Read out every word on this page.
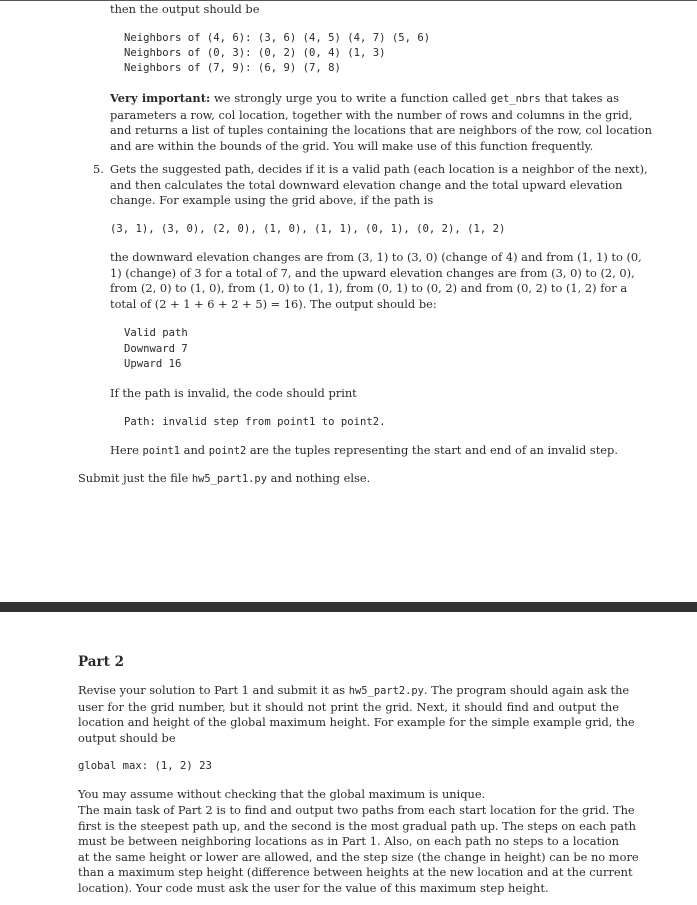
then the output should be
Neighbors of (4, 6): (3, 6) (4, 5) (4, 7) (5, 6)
Neighbors of (0, 3): (0, 2) (0, 4) (1, 3)
Neighbors of (7, 9): (6, 9) (7, 8)
Very important: we strongly urge you to write a function called get_nbrs that takes as
parameters a row, col location, together with the number of rows and columns in the grid,
and returns a list of tuples containing the locations that are neighbors of the row, col location
and are within the bounds of the grid. You will make use of this function frequently.
5. Gets the suggested path, decides if it is a valid path (each location is a neighbor of the next),
and then calculates the total downward elevation change and the total upward elevation
change. For example using the grid above, if the path is
(3, 1), (3, 0), (2, 0), (1, 0), (1, 1), (0, 1), (0, 2), (1, 2)
the downward elevation changes are from (3, 1) to (3, 0) (change of 4) and from (1, 1) to (0,
1) (change) of 3 for a total of 7, and the upward elevation changes are from (3, 0) to (2, 0),
from (2, 0) to (1, 0), from (1, 0) to (1, 1), from (0, 1) to (0, 2) and from (0, 2) to (1, 2) for a
total of (2 + 1 + 6 + 2 + 5) = 16). The output should be:
Valid path
Downward 7
Upward 16
If the path is invalid, the code should print
Path: invalid step from point1 to point2.
Here point1 and point2 are the tuples representing the start and end of an invalid step.
Submit just the file hw5_part1.py and nothing else.
Part 2
Revise your solution to Part 1 and submit it as hw5_part2.py. The program should again ask the
user for the grid number, but it should not print the grid. Next, it should find and output the
location and height of the global maximum height. For example for the simple example grid, the
output should be
global max: (1, 2) 23
You may assume without checking that the global maximum is unique.
The main task of Part 2 is to find and output two paths from each start location for the grid. The
first is the steepest path up, and the second is the most gradual path up. The steps on each path
must be between neighboring locations as in Part 1. Also, on each path no steps to a location
at the same height or lower are allowed, and the step size (the change in height) can be no more
than a maximum step height (difference between heights at the new location and at the current
location). Your code must ask the user for the value of this maximum step height.
